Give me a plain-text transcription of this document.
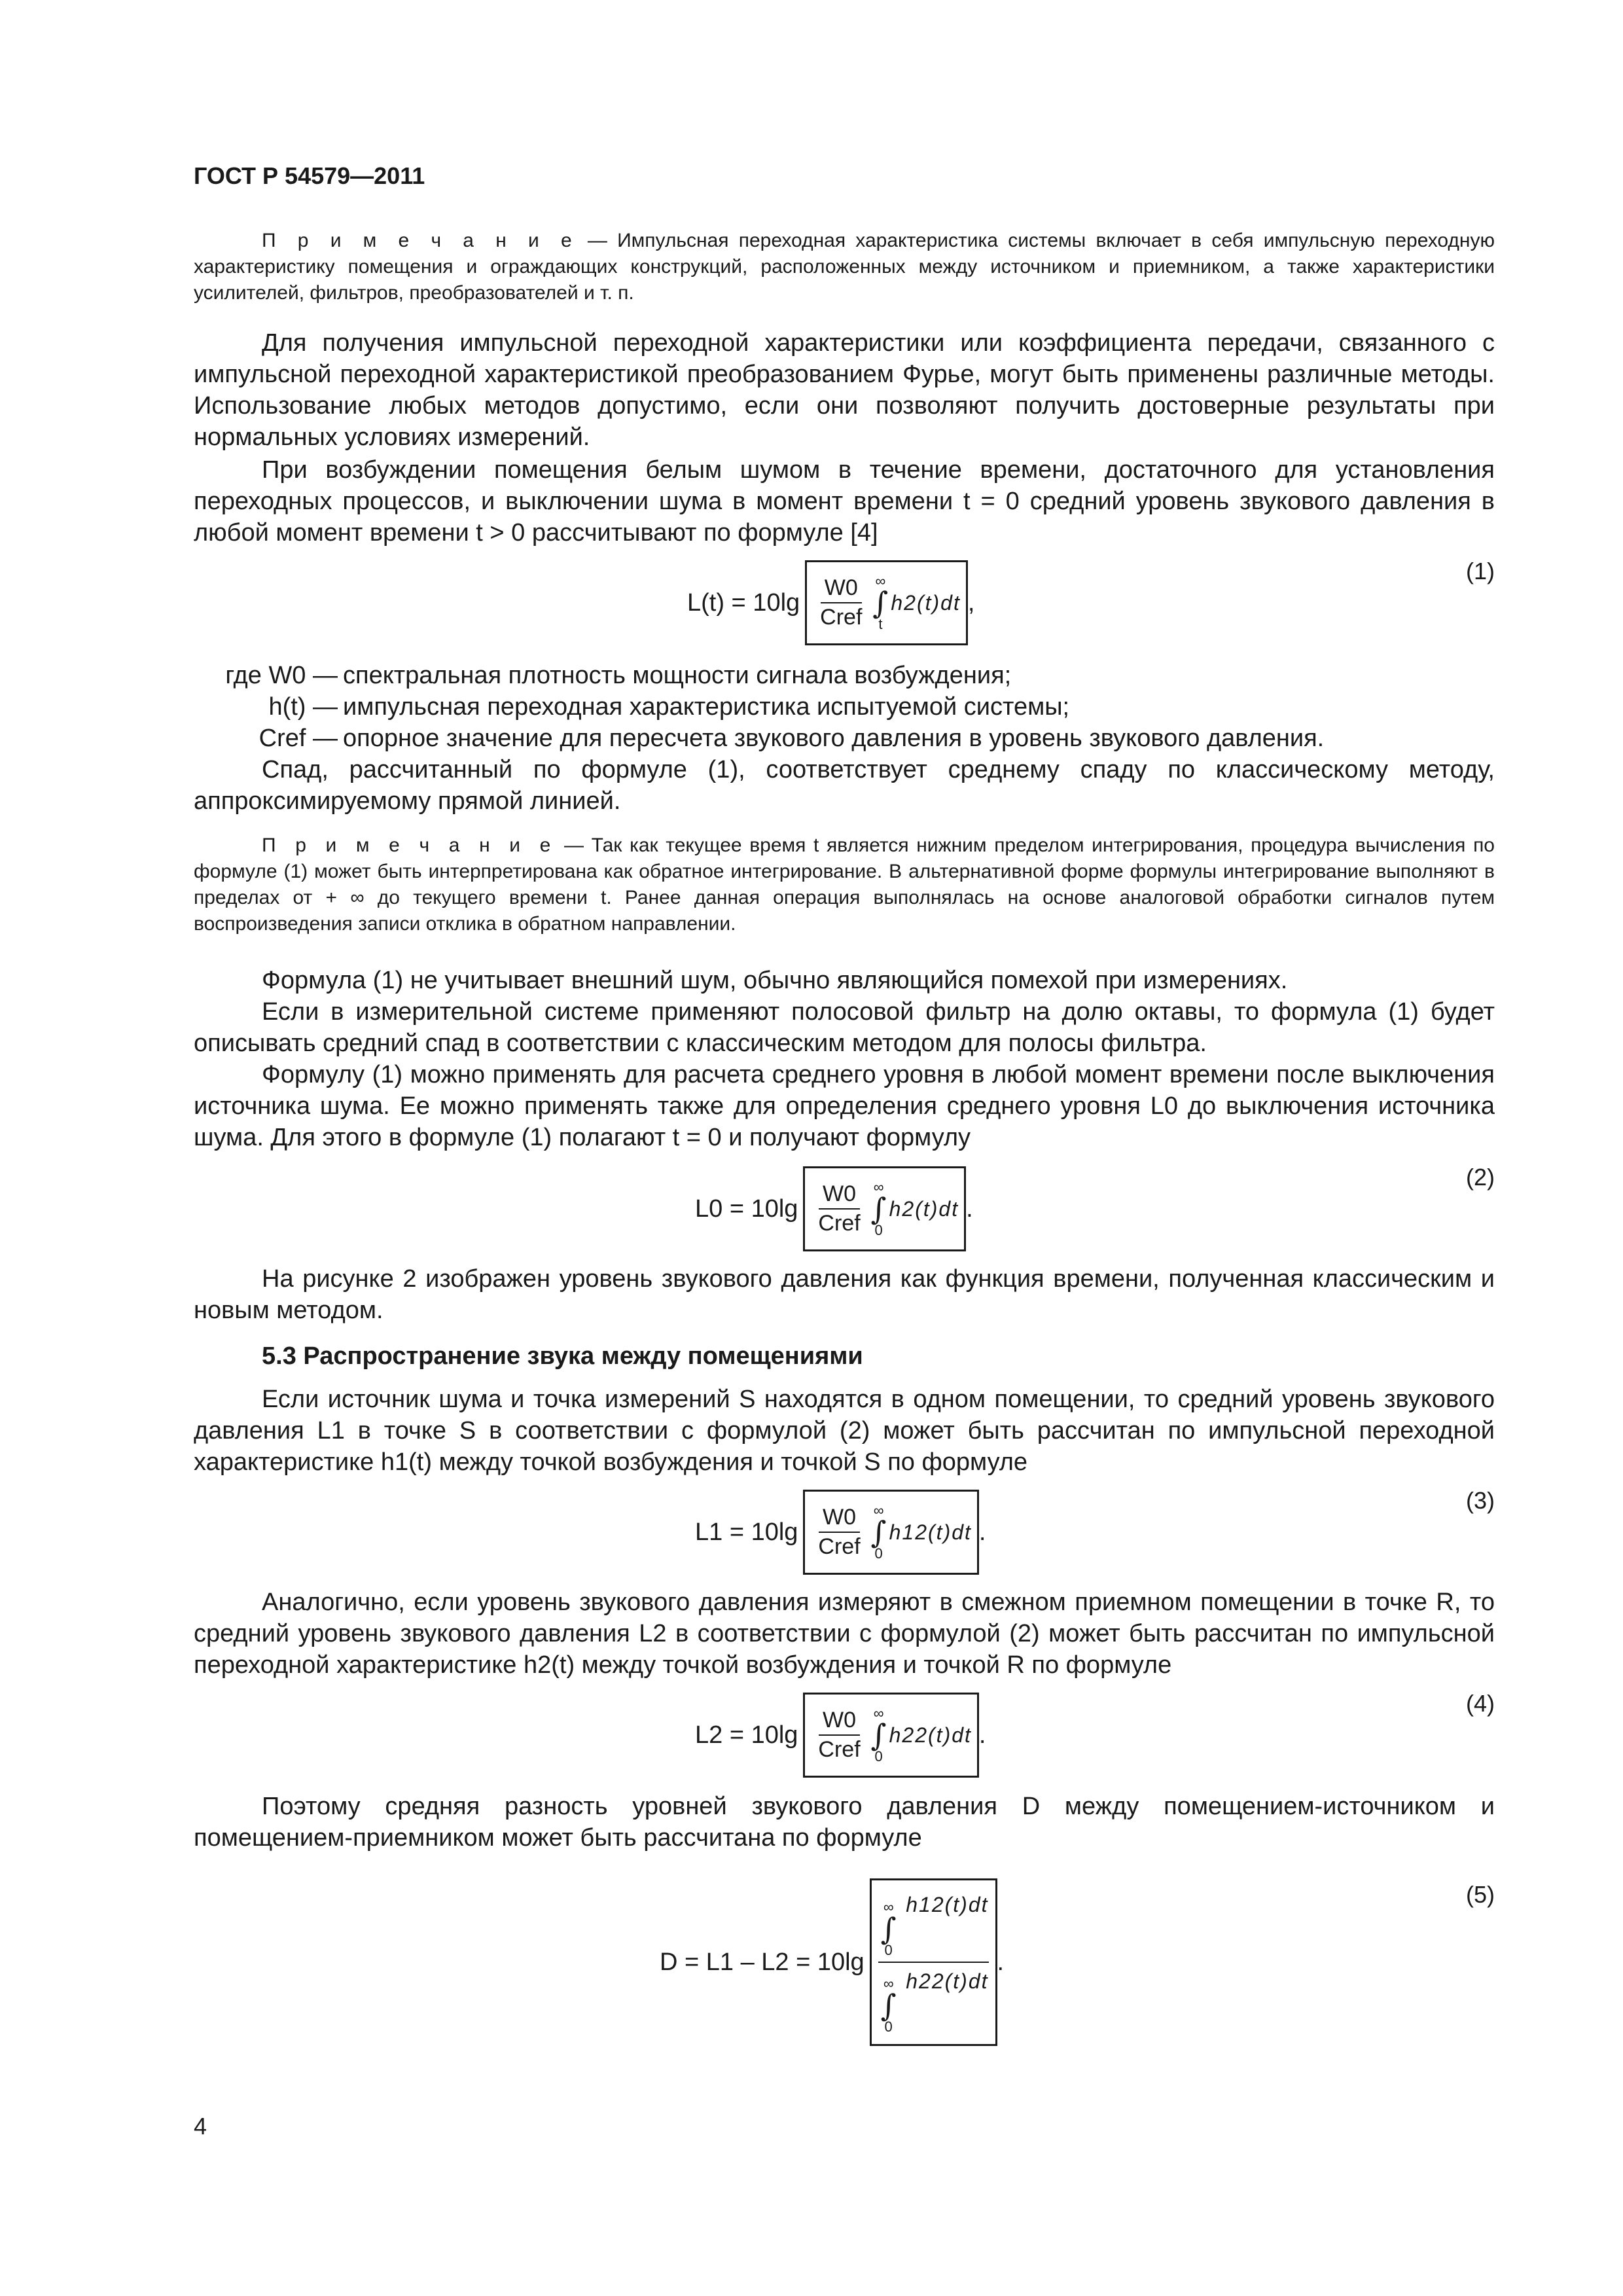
ГОСТ Р 54579—2011
П р и м е ч а н и е — Импульсная переходная характеристика системы включает в себя импульсную переходную характеристику помещения и ограждающих конструкций, расположенных между источником и приемником, а также характеристики усилителей, фильтров, преобразователей и т. п.
Для получения импульсной переходной характеристики или коэффициента передачи, связанного с импульсной переходной характеристикой преобразованием Фурье, могут быть применены различные методы. Использование любых методов допустимо, если они позволяют получить достоверные результаты при нормальных условиях измерений.
При возбуждении помещения белым шумом в течение времени, достаточного для установления переходных процессов, и выключении шума в момент времени t = 0 средний уровень звукового давления в любой момент времени t > 0 рассчитывают по формуле [4]
$L(t) = 10\lg \frac{W0}{\text{Cref}}$ ∞
∫
t
h2(t)dt ,
(1)
где W0 — спектральная плотность мощности сигнала возбуждения;
h(t) — импульсная переходная характеристика испытуемой системы;
Cref — опорное значение для пересчета звукового давления в уровень звукового давления.
Спад, рассчитанный по формуле (1), соответствует среднему спаду по классическому методу, аппроксимируемому прямой линией.
П р и м е ч а н и е — Так как текущее время t является нижним пределом интегрирования, процедура вычисления по формуле (1) может быть интерпретирована как обратное интегрирование. В альтернативной форме формулы интегрирование выполняют в пределах от + ∞ до текущего времени t. Ранее данная операция выполнялась на основе аналоговой обработки сигналов путем воспроизведения записи отклика в обратном направлении.
Формула (1) не учитывает внешний шум, обычно являющийся помехой при измерениях.
Если в измерительной системе применяют полосовой фильтр на долю октавы, то формула (1) будет описывать средний спад в соответствии с классическим методом для полосы фильтра.
Формулу (1) можно применять для расчета среднего уровня в любой момент времени после выключения источника шума. Ее можно применять также для определения среднего уровня L0 до выключения источника шума. Для этого в формуле (1) полагают t = 0 и получают формулу
$L0 = 10\lg \frac{W0}{\text{Cref}}$ ∞
∫
0
h2(t)dt .
(2)
На рисунке 2 изображен уровень звукового давления как функция времени, полученная классическим и новым методом.
5.3 Распространение звука между помещениями
Если источник шума и точка измерений S находятся в одном помещении, то средний уровень звукового давления L1 в точке S в соответствии с формулой (2) может быть рассчитан по импульсной переходной характеристике h1(t) между точкой возбуждения и точкой S по формуле
$L1 = 10\lg \frac{W0}{\text{Cref}}$ ∞
∫
0
h12(t)dt .
(3)
Аналогично, если уровень звукового давления измеряют в смежном приемном помещении в точке R, то средний уровень звукового давления L2 в соответствии с формулой (2) может быть рассчитан по импульсной переходной характеристике h2(t) между точкой возбуждения и точкой R по формуле
$L2 = 10\lg \frac{W0}{\text{Cref}}$ ∞
∫
0
h22(t)dt .
(4)
Поэтому средняя разность уровней звукового давления D между помещением-источником и помещением-приемником может быть рассчитана по формуле
D = L1 – L2 = 10lg
∞
∫
0
h12(t)dt
∞
∫
0
h22(t)dt
.
(5)
4
